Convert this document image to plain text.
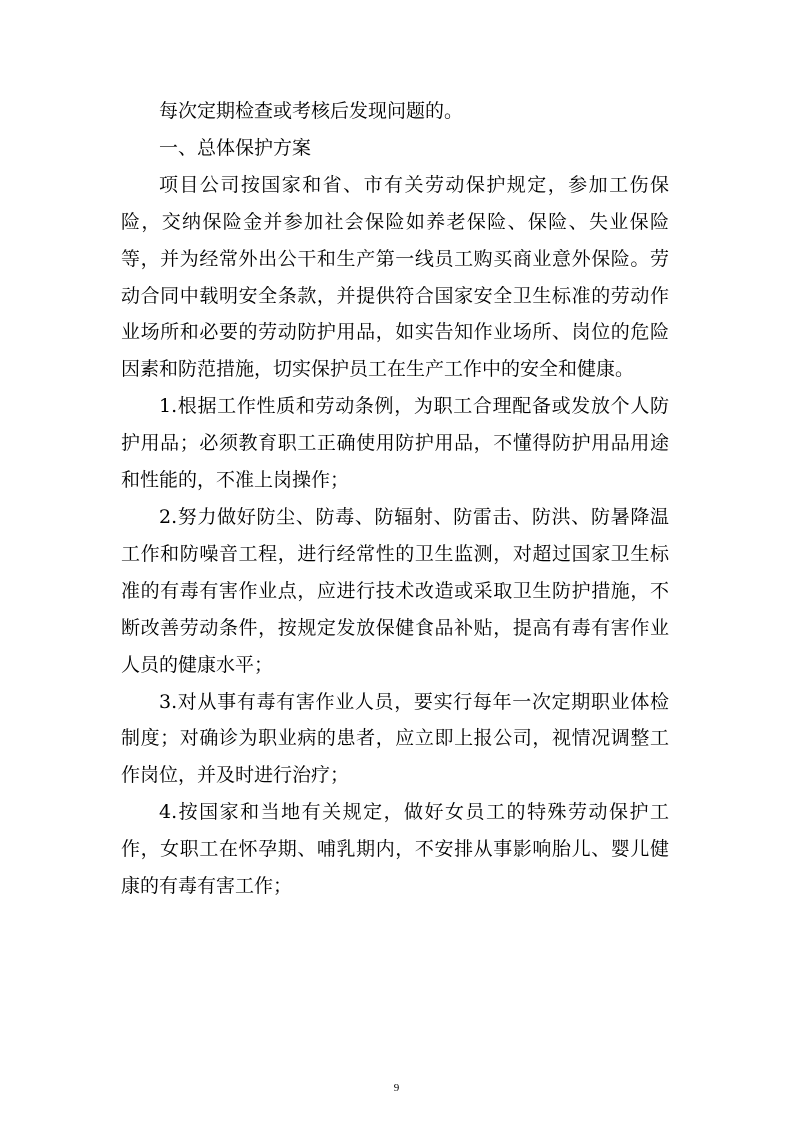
每次定期检查或考核后发现问题的。

一、总体保护方案

项目公司按国家和省、市有关劳动保护规定，参加工伤保险，交纳保险金并参加社会保险如养老保险、保险、失业保险等，并为经常外出公干和生产第一线员工购买商业意外保险。劳动合同中载明安全条款，并提供符合国家安全卫生标准的劳动作业场所和必要的劳动防护用品，如实告知作业场所、岗位的危险因素和防范措施，切实保护员工在生产工作中的安全和健康。

1.根据工作性质和劳动条例，为职工合理配备或发放个人防护用品；必须教育职工正确使用防护用品，不懂得防护用品用途和性能的，不准上岗操作；

2.努力做好防尘、防毒、防辐射、防雷击、防洪、防暑降温工作和防噪音工程，进行经常性的卫生监测，对超过国家卫生标准的有毒有害作业点，应进行技术改造或采取卫生防护措施，不断改善劳动条件，按规定发放保健食品补贴，提高有毒有害作业人员的健康水平；

3.对从事有毒有害作业人员，要实行每年一次定期职业体检制度；对确诊为职业病的患者，应立即上报公司，视情况调整工作岗位，并及时进行治疗；

4.按国家和当地有关规定，做好女员工的特殊劳动保护工作，女职工在怀孕期、哺乳期内，不安排从事影响胎儿、婴儿健康的有毒有害工作；

9
